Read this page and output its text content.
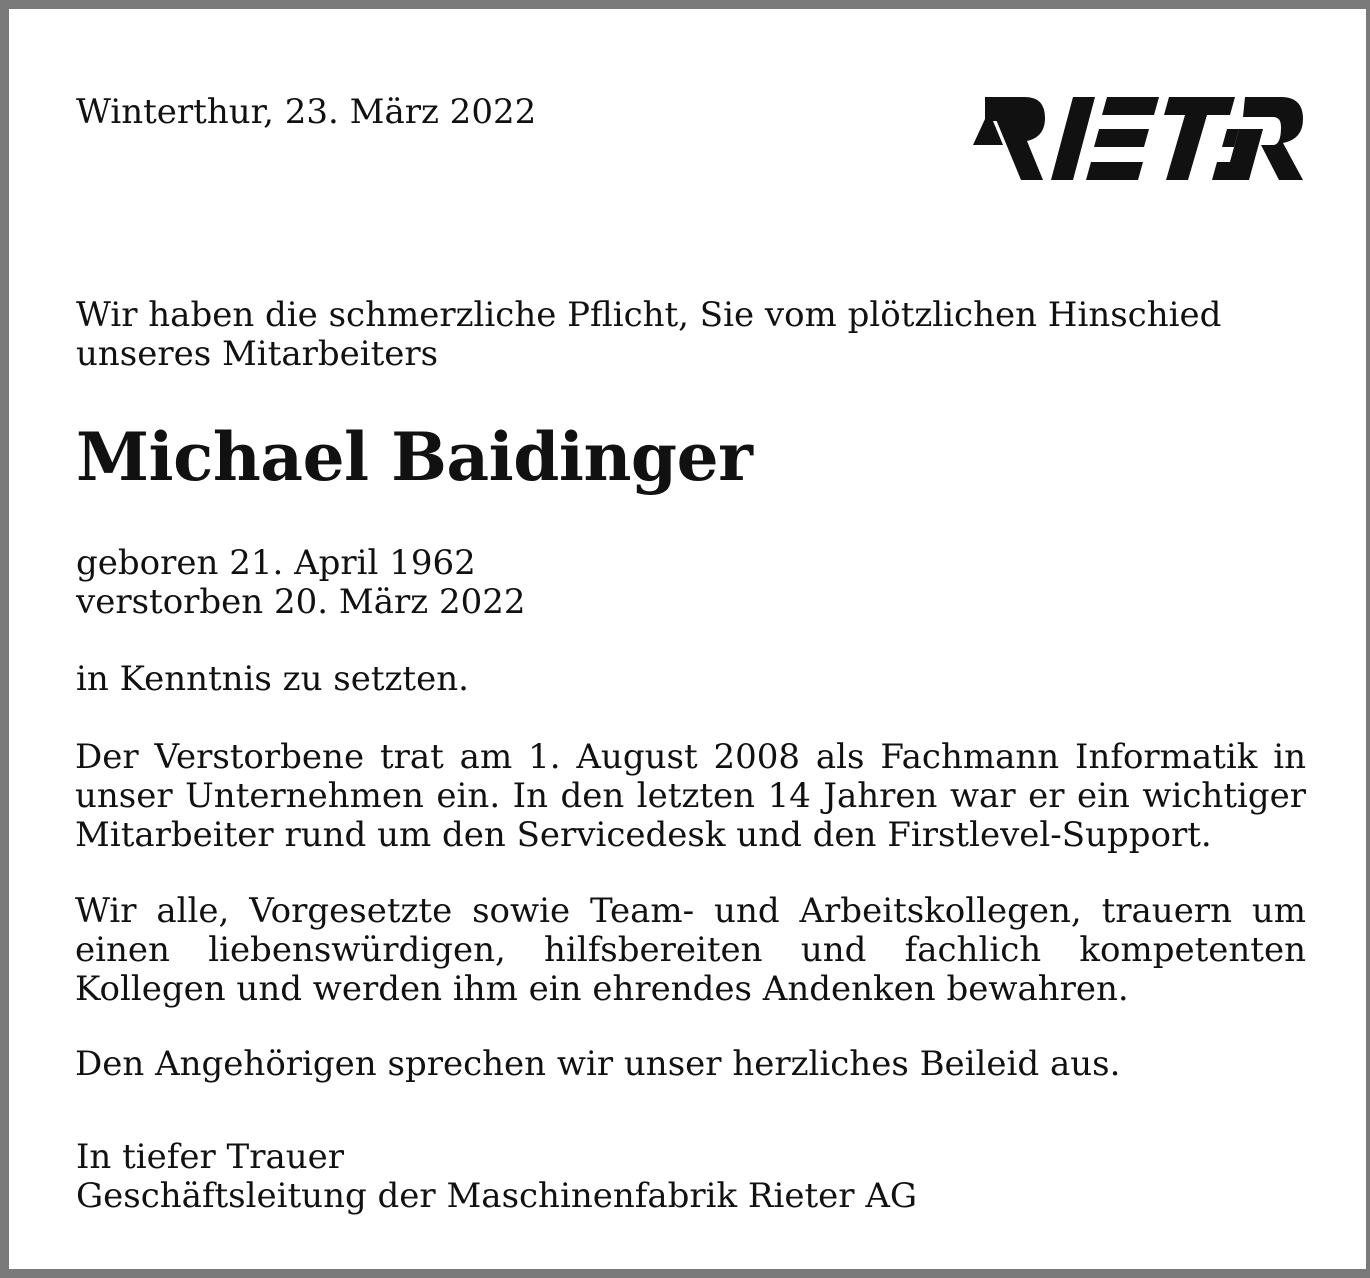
Winterthur, 23. März 2022

Wir haben die schmerzliche Pflicht, Sie vom plötzlichen Hinschied
unseres Mitarbeiters

Michael Baidinger

geboren 21. April 1962
verstorben 20. März 2022

in Kenntnis zu setzten.

Der Verstorbene trat am 1. August 2008 als Fachmann Informatik in unser Unternehmen ein. In den letzten 14 Jahren war er ein wichtiger Mitarbeiter rund um den Servicedesk und den Firstlevel-Support.

Wir alle, Vorgesetzte sowie Team- und Arbeitskollegen, trauern um einen liebenswürdigen, hilfsbereiten und fachlich kompetenten Kollegen und werden ihm ein ehrendes Andenken bewahren.

Den Angehörigen sprechen wir unser herzliches Beileid aus.

In tiefer Trauer
Geschäftsleitung der Maschinenfabrik Rieter AG
